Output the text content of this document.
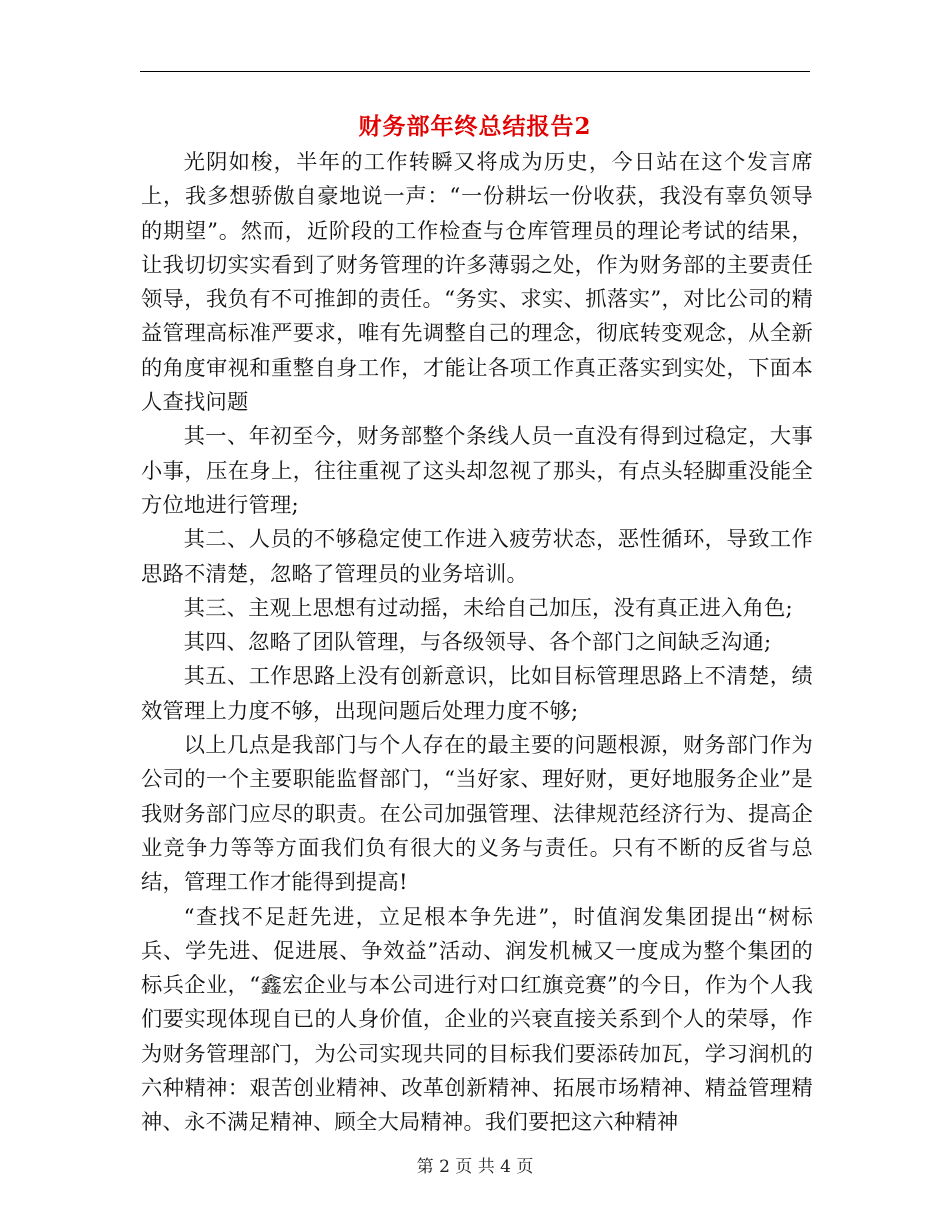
财务部年终总结报告2

光阴如梭，半年的工作转瞬又将成为历史，今日站在这个发言席上，我多想骄傲自豪地说一声：“一份耕坛一份收获，我没有辜负领导的期望”。然而，近阶段的工作检查与仓库管理员的理论考试的结果，让我切切实实看到了财务管理的许多薄弱之处，作为财务部的主要责任领导，我负有不可推卸的责任。“务实、求实、抓落实”，对比公司的精益管理高标准严要求，唯有先调整自己的理念，彻底转变观念，从全新的角度审视和重整自身工作，才能让各项工作真正落实到实处，下面本人查找问题

其一、年初至今，财务部整个条线人员一直没有得到过稳定，大事小事，压在身上，往往重视了这头却忽视了那头，有点头轻脚重没能全方位地进行管理;

其二、人员的不够稳定使工作进入疲劳状态，恶性循环，导致工作思路不清楚，忽略了管理员的业务培训。

其三、主观上思想有过动摇，未给自己加压，没有真正进入角色;

其四、忽略了团队管理，与各级领导、各个部门之间缺乏沟通;

其五、工作思路上没有创新意识，比如目标管理思路上不清楚，绩效管理上力度不够，出现问题后处理力度不够;

以上几点是我部门与个人存在的最主要的问题根源，财务部门作为公司的一个主要职能监督部门，“当好家、理好财，更好地服务企业”是我财务部门应尽的职责。在公司加强管理、法律规范经济行为、提高企业竞争力等等方面我们负有很大的义务与责任。只有不断的反省与总结，管理工作才能得到提高!

“查找不足赶先进，立足根本争先进”，时值润发集团提出“树标兵、学先进、促进展、争效益”活动、润发机械又一度成为整个集团的标兵企业，“鑫宏企业与本公司进行对口红旗竞赛”的今日，作为个人我们要实现体现自已的人身价值，企业的兴衰直接关系到个人的荣辱，作为财务管理部门，为公司实现共同的目标我们要添砖加瓦，学习润机的六种精神：艰苦创业精神、改革创新精神、拓展市场精神、精益管理精神、永不满足精神、顾全大局精神。我们要把这六种精神

第 2 页 共 4 页
